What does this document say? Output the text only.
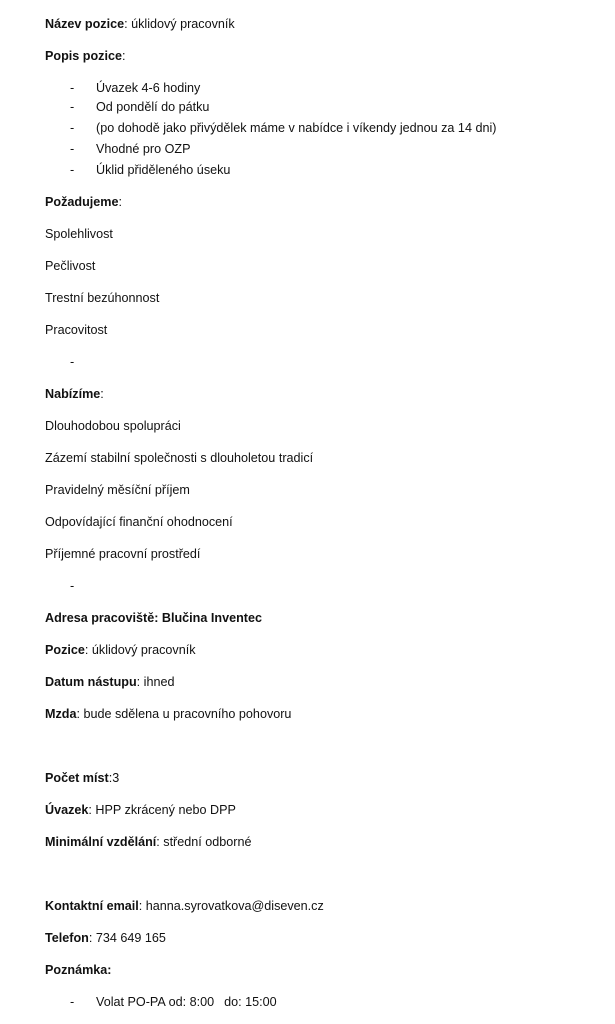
Název pozice: úklidový pracovník
Popis pozice:
- Úvazek 4-6 hodiny
- Od pondělí do pátku
- (po dohodě jako přivýdělek máme v nabídce i víkendy jednou za 14 dni)
- Vhodné pro OZP
- Úklid přiděleného úseku
Požadujeme:
Spolehlivost
Pečlivost
Trestní bezúhonnost
Pracovitost
-
Nabízíme:
Dlouhodobou spolupráci
Zázemí stabilní společnosti s dlouholetou tradicí
Pravidelný měsíční příjem
Odpovídající finanční ohodnocení
Příjemné pracovní prostředí
-
Adresa pracoviště: Blučina Inventec
Pozice: úklidový pracovník
Datum nástupu: ihned
Mzda: bude sdělena u pracovního pohovoru
Počet míst:3
Úvazek: HPP zkrácený nebo DPP
Minimální vzdělání: střední odborné
Kontaktní email: hanna.syrovatkova@diseven.cz
Telefon: 734 649 165
Poznámka:
- Volat PO-PA od: 8:00 do: 15:00
